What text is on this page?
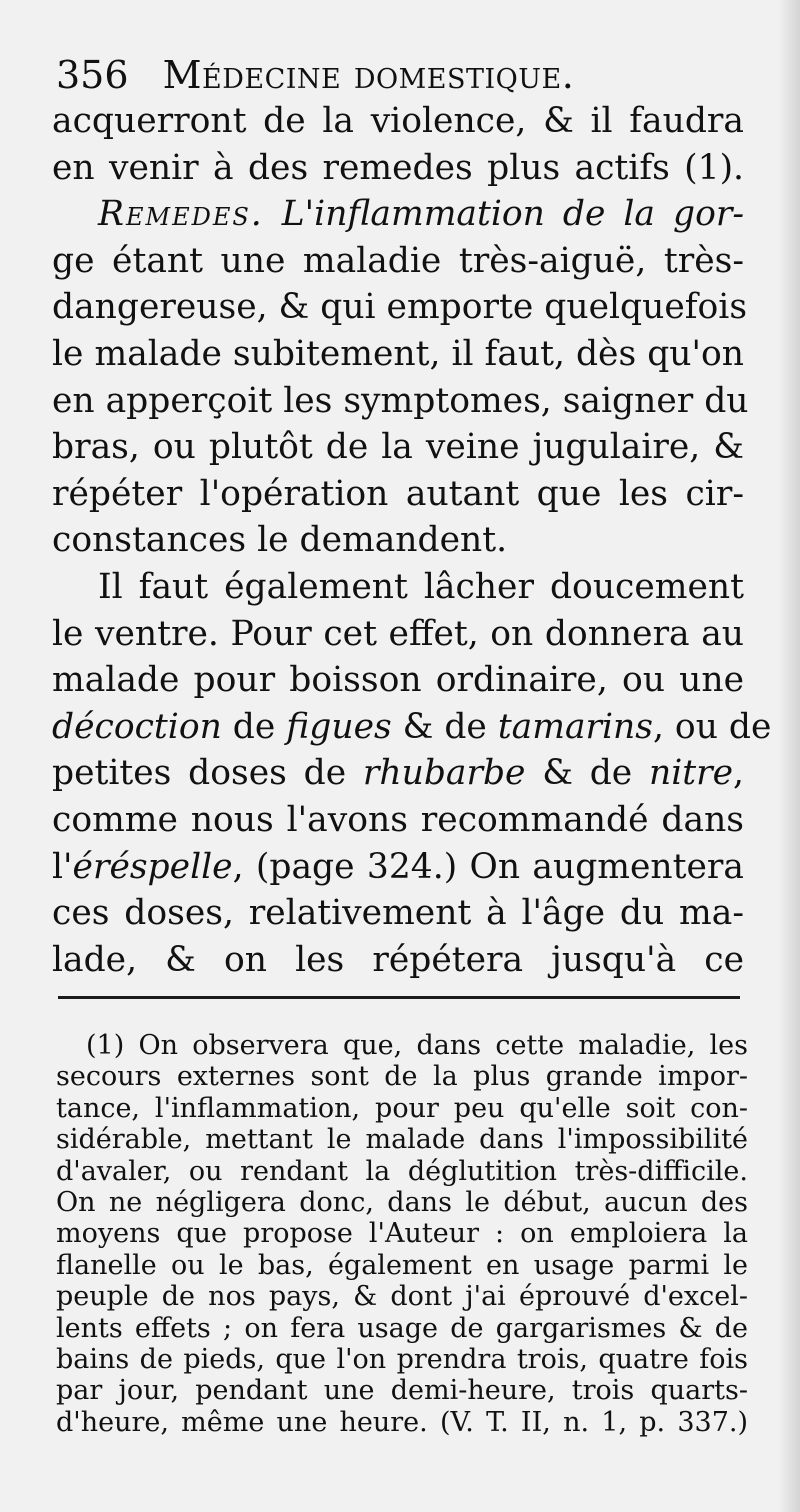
356 Médecine domestique.
acquerront de la violence, & il faudra
en venir à des remedes plus actifs (1).
Remedes. L'inflammation de la gor-
ge étant une maladie très-aiguë, très-
dangereuse, & qui emporte quelquefois
le malade subitement, il faut, dès qu'on
en apperçoit les symptomes, saigner du
bras, ou plutôt de la veine jugulaire, &
répéter l'opération autant que les cir-
constances le demandent.
Il faut également lâcher doucement
le ventre. Pour cet effet, on donnera au
malade pour boisson ordinaire, ou une
décoction de figues & de tamarins, ou de
petites doses de rhubarbe & de nitre,
comme nous l'avons recommandé dans
l'éréspelle, (page 324.) On augmentera
ces doses, relativement à l'âge du ma-
lade, & on les répétera jusqu'à ce
(1) On observera que, dans cette maladie, les
secours externes sont de la plus grande impor-
tance, l'inflammation, pour peu qu'elle soit con-
sidérable, mettant le malade dans l'impossibilité
d'avaler, ou rendant la déglutition très-difficile.
On ne négligera donc, dans le début, aucun des
moyens que propose l'Auteur : on emploiera la
flanelle ou le bas, également en usage parmi le
peuple de nos pays, & dont j'ai éprouvé d'excel-
lents effets ; on fera usage de gargarismes & de
bains de pieds, que l'on prendra trois, quatre fois
par jour, pendant une demi-heure, trois quarts-
d'heure, même une heure. (V. T. II, n. 1, p. 337.)
